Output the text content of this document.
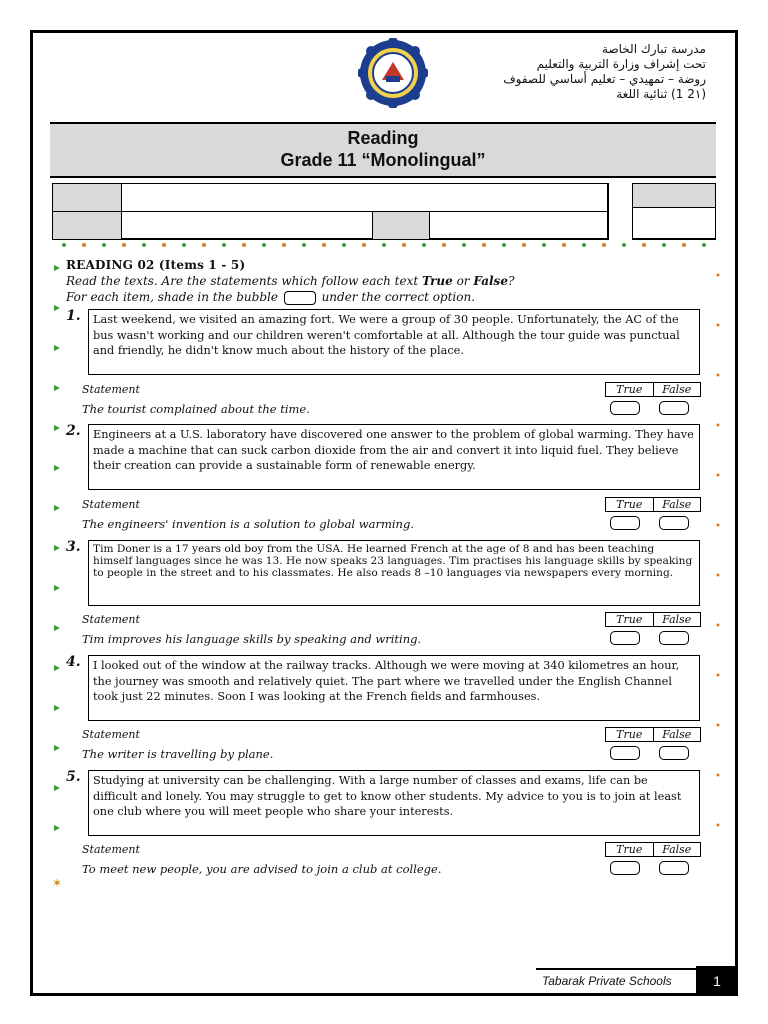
مدرسة تبارك الخاصة
تحت إشراف وزارة التربية والتعليم
روضة – تمهيدي – تعليم أساسي للصفوف
(2١ 1) ثنائية اللغة
Reading
Grade 11 “Monolingual”
READING 02 (Items 1 - 5)
Read the texts. Are the statements which follow each text True or False?
For each item, shade in the bubble	under the correct option.
1.	Last weekend, we visited an amazing fort. We were a group of 30 people. Unfortunately, the AC of the bus wasn't working and our children weren't comfortable at all. Although the tour guide was punctual and friendly, he didn't know much about the history of the place.
Statement	True	False
The tourist complained about the time.
2.	Engineers at a U.S. laboratory have discovered one answer to the problem of global warming. They have made a machine that can suck carbon dioxide from the air and convert it into liquid fuel. They believe their creation can provide a sustainable form of renewable energy.
Statement	True	False
The engineers' invention is a solution to global warming.
3.	Tim Doner is a 17 years old boy from the USA. He learned French at the age of 8 and has been teaching himself languages since he was 13. He now speaks 23 languages. Tim practises his language skills by speaking to people in the street and to his classmates. He also reads 8 –10 languages via newspapers every morning.
Statement	True	False
Tim improves his language skills by speaking and writing.
4.	I looked out of the window at the railway tracks. Although we were moving at 340 kilometres an hour, the journey was smooth and relatively quiet. The part where we travelled under the English Channel took just 22 minutes. Soon I was looking at the French fields and farmhouses.
Statement	True	False
The writer is travelling by plane.
5.	Studying at university can be challenging. With a large number of classes and exams, life can be difficult and lonely. You may struggle to get to know other students. My advice to you is to join at least one club where you will meet people who share your interests.
Statement	True	False
To meet new people, you are advised to join a club at college.
✶
Tabarak Private Schools	1
